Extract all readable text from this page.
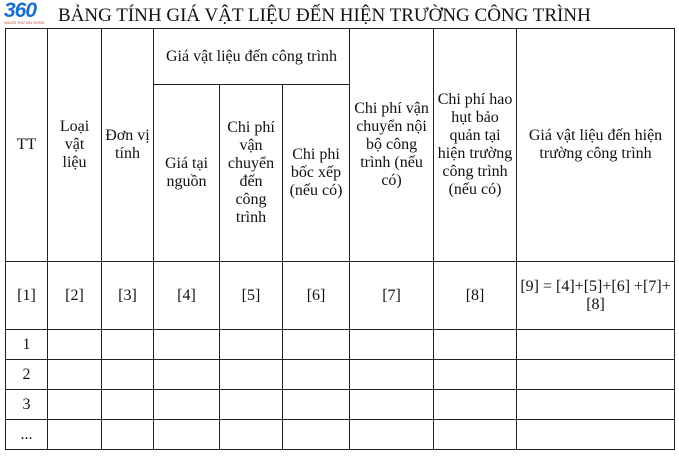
360
NGƯỜI THỢ XÂY DỰNG BẢNG TÍNH GIÁ VẬT LIỆU ĐẾN HIỆN TRƯỜNG CÔNG TRÌNH
TT	Loại vật liệu	Đơn vị tính	Giá vật liệu đến công trình			Chi phí vận chuyển nội bộ công trình (nếu có)	Chi phí hao hụt bảo quản tại hiện trường công trình (nếu có)	Giá vật liệu đến hiện trường công trình
			Giá tại nguồn	Chi phí vận chuyển đến công trình	Chi phi bốc xếp (nếu có)			
[1]	[2]	[3]	[4]	[5]	[6]	[7]	[8]	[9] = [4]+[5]+[6] +[7]+[8]
1								
2								
3								
...								
